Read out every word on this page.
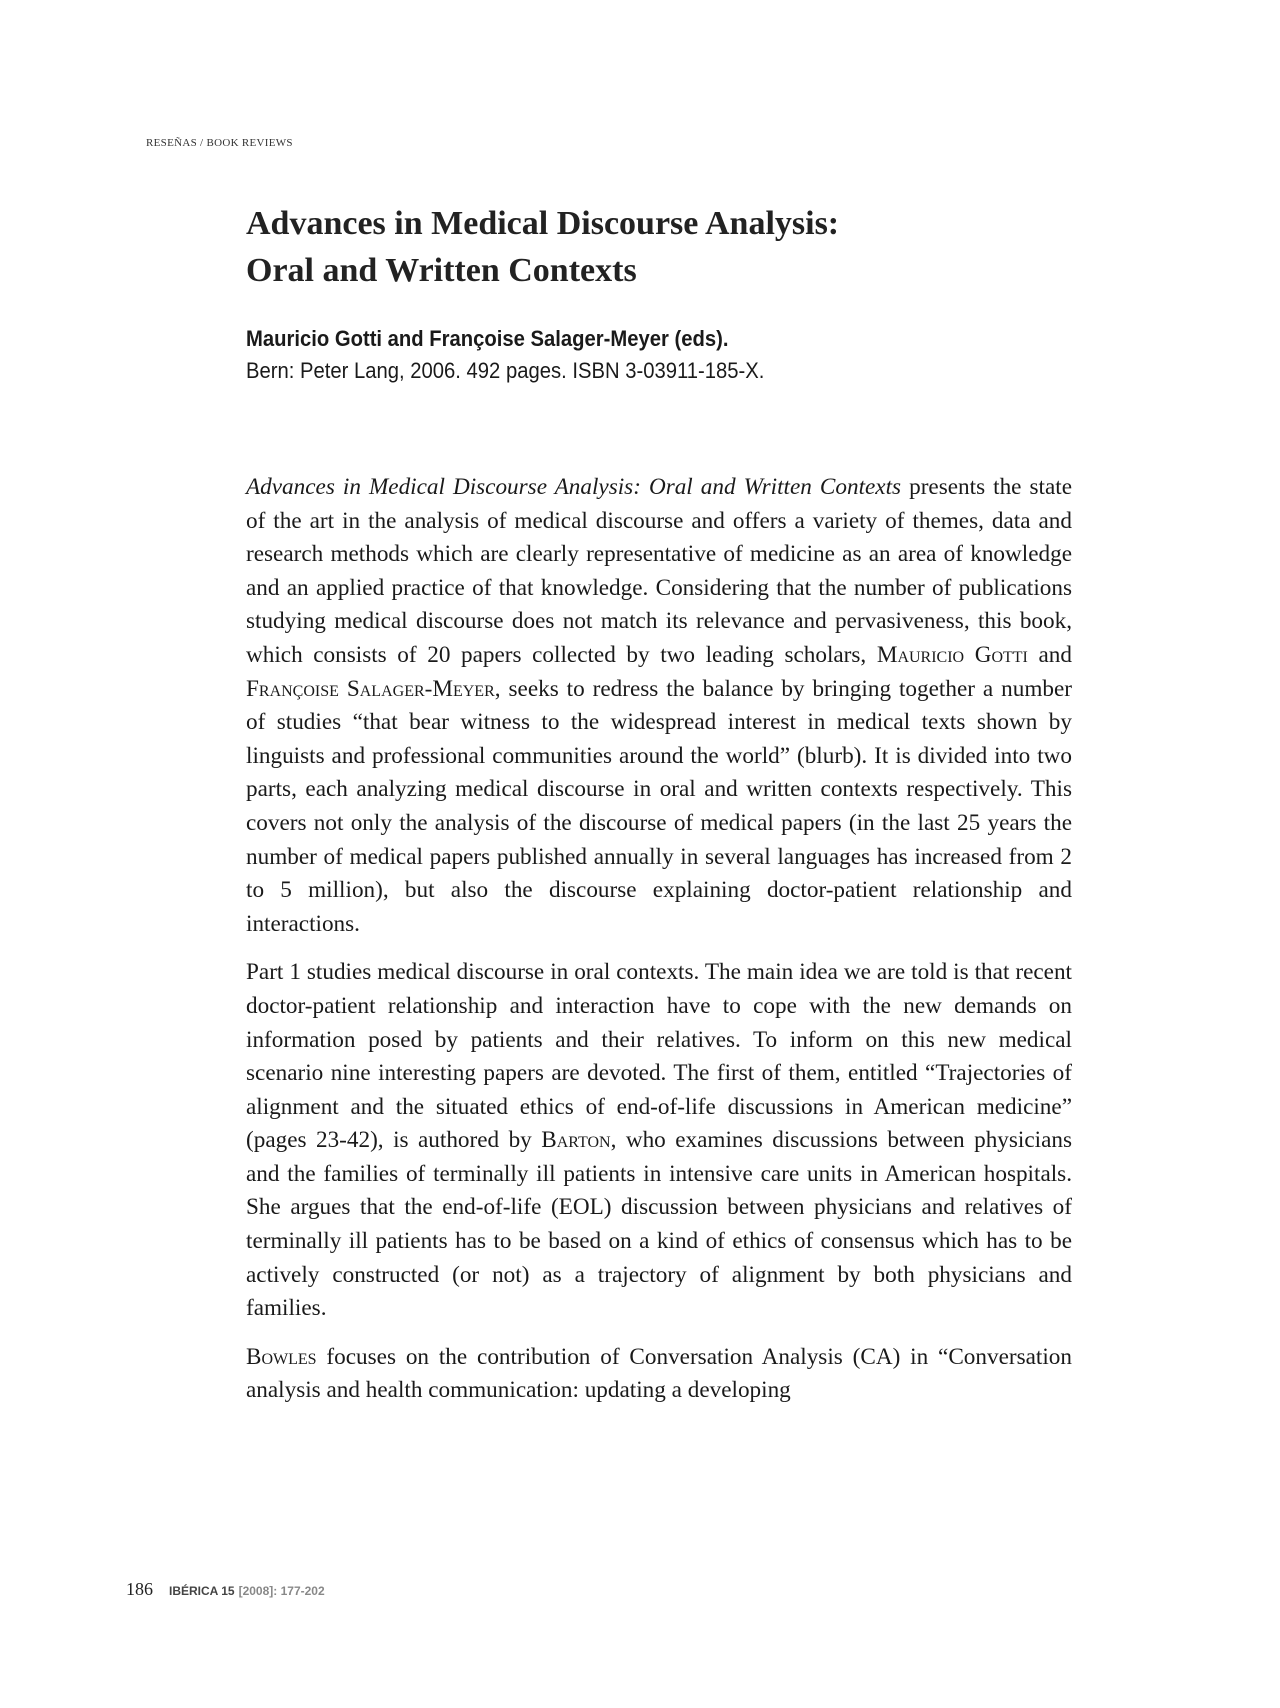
RESEÑAS / BOOK REVIEWS
Advances in Medical Discourse Analysis:
Oral and Written Contexts
Mauricio Gotti and Françoise Salager-Meyer (eds).
Bern: Peter Lang, 2006. 492 pages. ISBN 3-03911-185-X.

Advances in Medical Discourse Analysis: Oral and Written Contexts presents the state of the art in the analysis of medical discourse and offers a variety of themes, data and research methods which are clearly representative of medicine as an area of knowledge and an applied practice of that knowledge. Considering that the number of publications studying medical discourse does not match its relevance and pervasiveness, this book, which consists of 20 papers collected by two leading scholars, Mauricio Gotti and Françoise Salager-Meyer, seeks to redress the balance by bringing together a number of studies “that bear witness to the widespread interest in medical texts shown by linguists and professional communities around the world” (blurb). It is divided into two parts, each analyzing medical discourse in oral and written contexts respectively. This covers not only the analysis of the discourse of medical papers (in the last 25 years the number of medical papers published annually in several languages has increased from 2 to 5 million), but also the discourse explaining doctor-patient relationship and interactions.

Part 1 studies medical discourse in oral contexts. The main idea we are told is that recent doctor-patient relationship and interaction have to cope with the new demands on information posed by patients and their relatives. To inform on this new medical scenario nine interesting papers are devoted. The first of them, entitled “Trajectories of alignment and the situated ethics of end-of-life discussions in American medicine” (pages 23-42), is authored by Barton, who examines discussions between physicians and the families of terminally ill patients in intensive care units in American hospitals. She argues that the end-of-life (EOL) discussion between physicians and relatives of terminally ill patients has to be based on a kind of ethics of consensus which has to be actively constructed (or not) as a trajectory of alignment by both physicians and families.

Bowles focuses on the contribution of Conversation Analysis (CA) in “Conversation analysis and health communication: updating a developing

186 IBÉRICA 15 [2008]: 177-202
